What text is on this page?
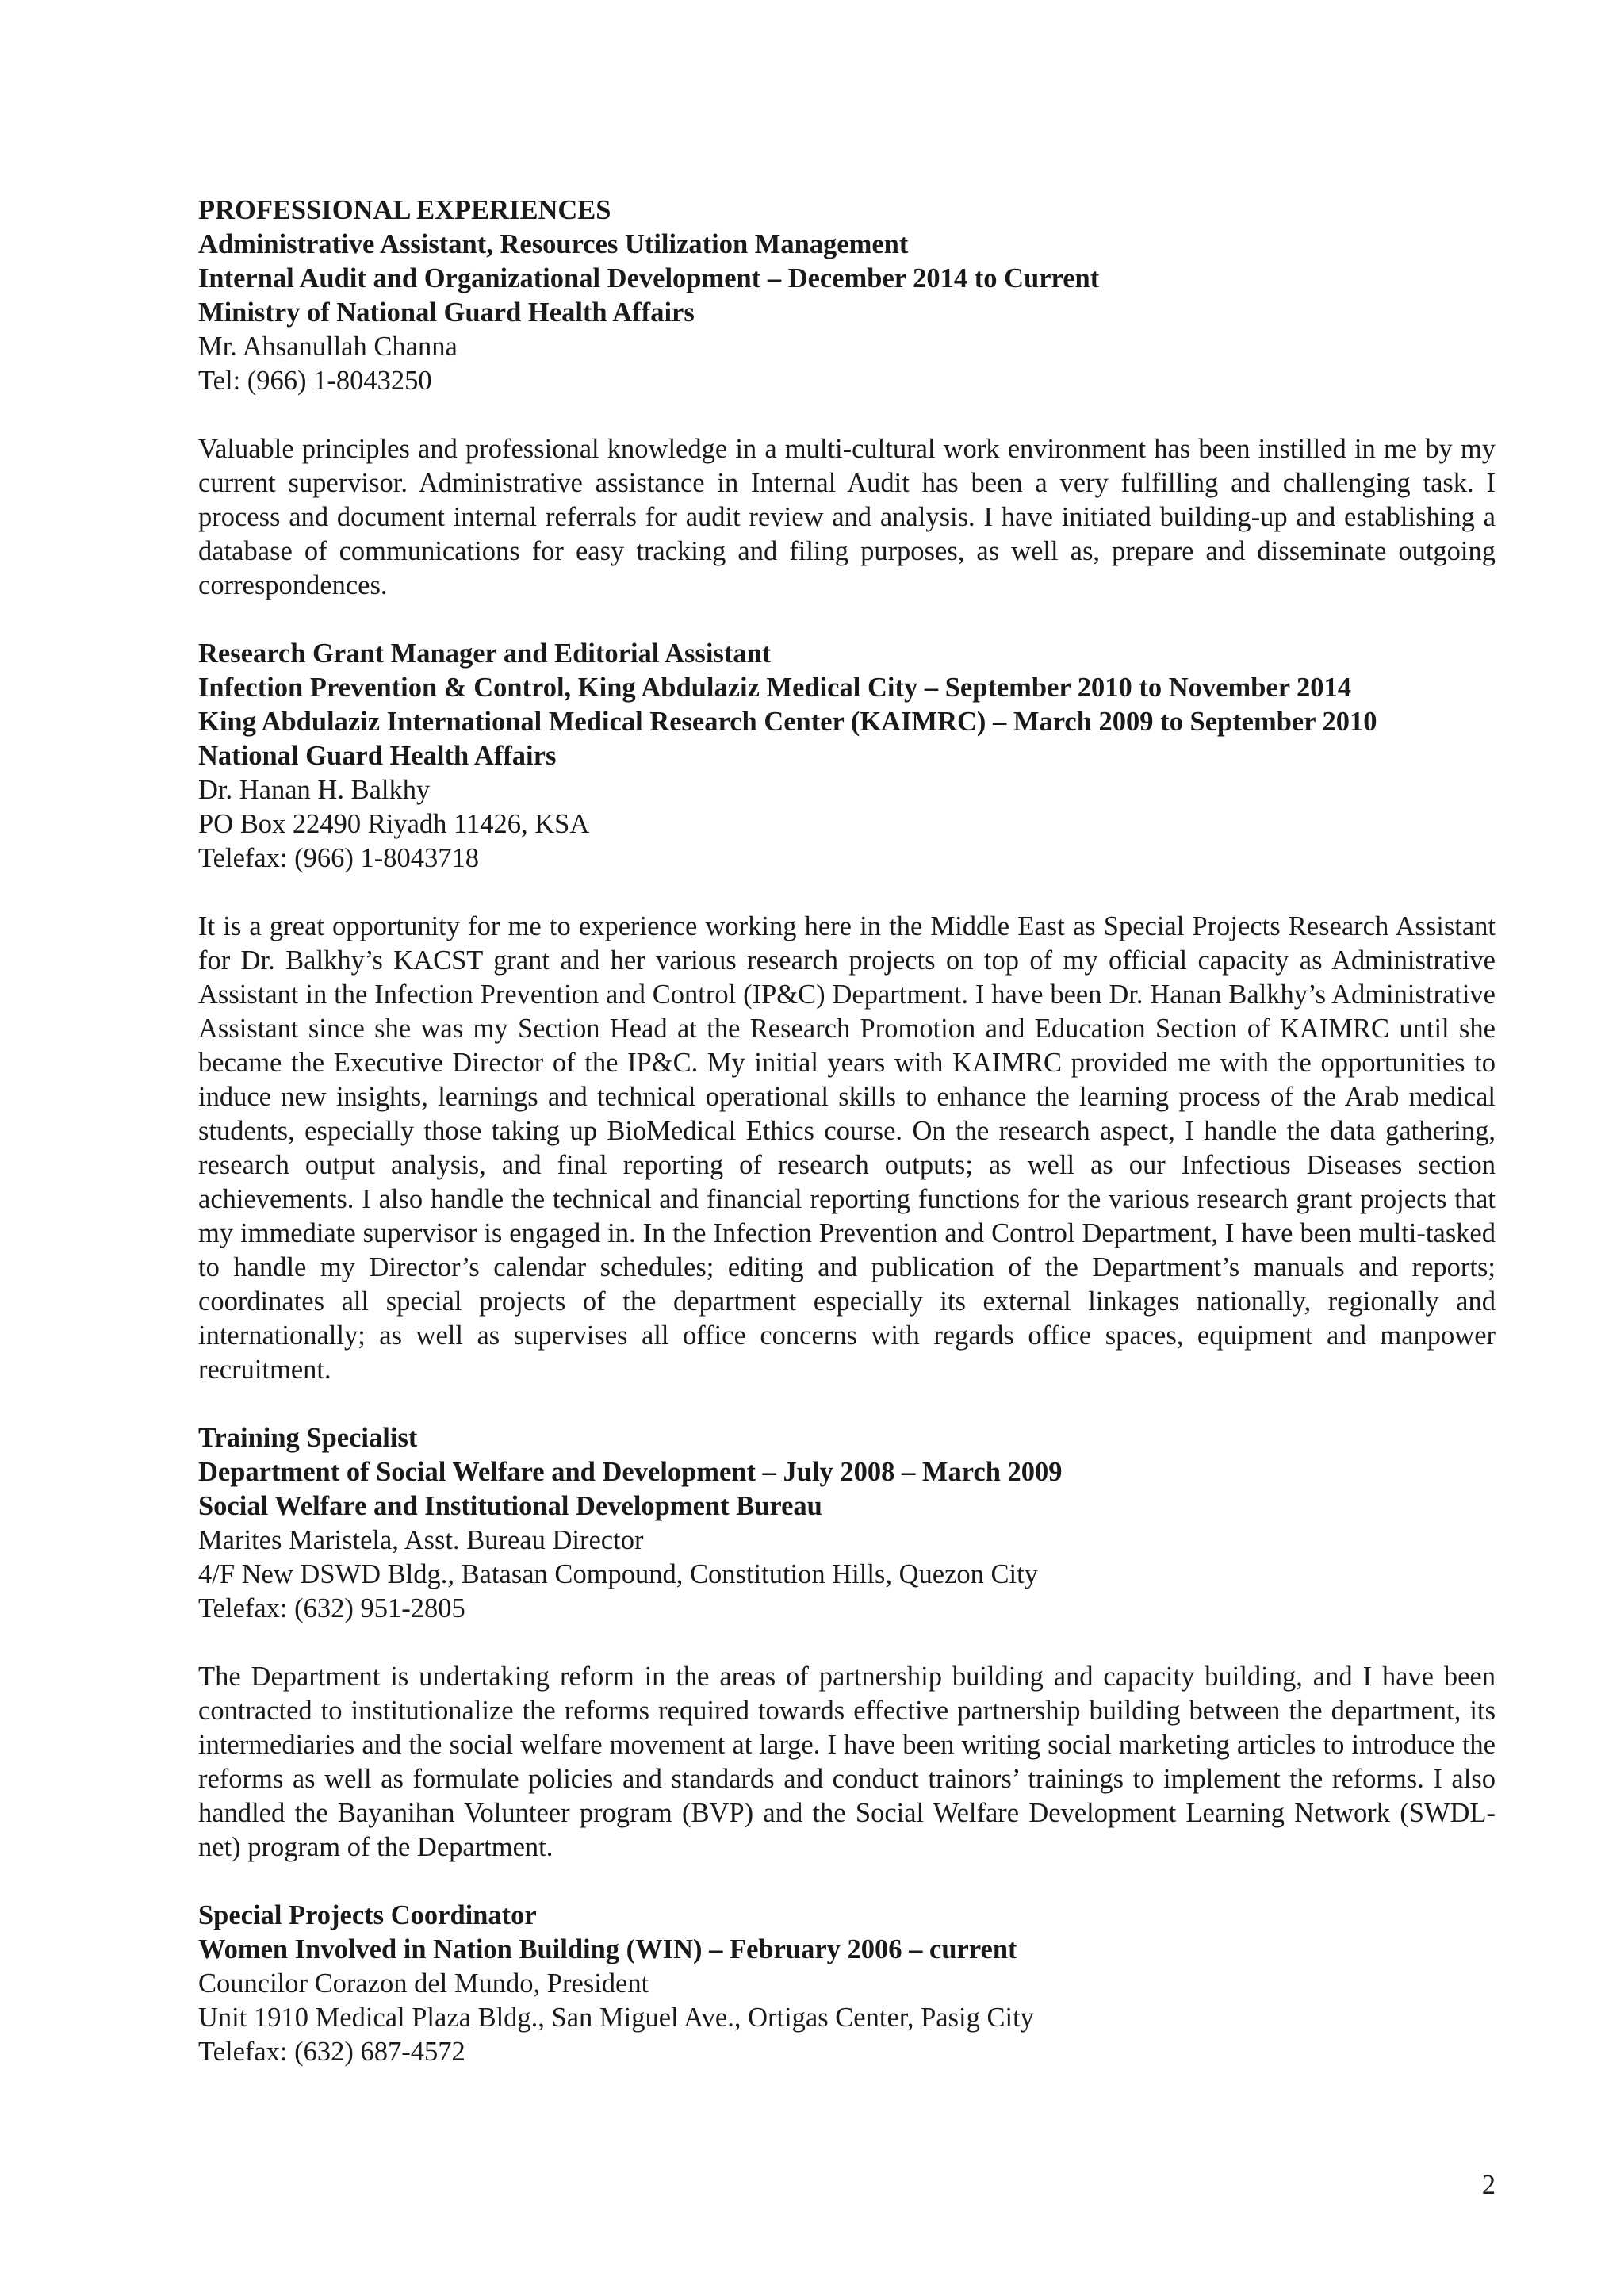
PROFESSIONAL EXPERIENCES
Administrative Assistant, Resources Utilization Management
Internal Audit and Organizational Development – December 2014 to Current
Ministry of National Guard Health Affairs
Mr. Ahsanullah Channa
Tel: (966) 1-8043250

Valuable principles and professional knowledge in a multi-cultural work environment has been instilled in me by my current supervisor. Administrative assistance in Internal Audit has been a very fulfilling and challenging task. I process and document internal referrals for audit review and analysis. I have initiated building-up and establishing a database of communications for easy tracking and filing purposes, as well as, prepare and disseminate outgoing correspondences.

Research Grant Manager and Editorial Assistant
Infection Prevention & Control, King Abdulaziz Medical City – September 2010 to November 2014
King Abdulaziz International Medical Research Center (KAIMRC) – March 2009 to September 2010
National Guard Health Affairs
Dr. Hanan H. Balkhy
PO Box 22490 Riyadh 11426, KSA
Telefax: (966) 1-8043718

It is a great opportunity for me to experience working here in the Middle East as Special Projects Research Assistant for Dr. Balkhy’s KACST grant and her various research projects on top of my official capacity as Administrative Assistant in the Infection Prevention and Control (IP&C) Department. I have been Dr. Hanan Balkhy’s Administrative Assistant since she was my Section Head at the Research Promotion and Education Section of KAIMRC until she became the Executive Director of the IP&C. My initial years with KAIMRC provided me with the opportunities to induce new insights, learnings and technical operational skills to enhance the learning process of the Arab medical students, especially those taking up BioMedical Ethics course. On the research aspect, I handle the data gathering, research output analysis, and final reporting of research outputs; as well as our Infectious Diseases section achievements. I also handle the technical and financial reporting functions for the various research grant projects that my immediate supervisor is engaged in. In the Infection Prevention and Control Department, I have been multi-tasked to handle my Director’s calendar schedules; editing and publication of the Department’s manuals and reports; coordinates all special projects of the department especially its external linkages nationally, regionally and internationally; as well as supervises all office concerns with regards office spaces, equipment and manpower recruitment.

Training Specialist
Department of Social Welfare and Development – July 2008 – March 2009
Social Welfare and Institutional Development Bureau
Marites Maristela, Asst. Bureau Director
4/F New DSWD Bldg., Batasan Compound, Constitution Hills, Quezon City
Telefax: (632) 951-2805

The Department is undertaking reform in the areas of partnership building and capacity building, and I have been contracted to institutionalize the reforms required towards effective partnership building between the department, its intermediaries and the social welfare movement at large. I have been writing social marketing articles to introduce the reforms as well as formulate policies and standards and conduct trainors’ trainings to implement the reforms. I also handled the Bayanihan Volunteer program (BVP) and the Social Welfare Development Learning Network (SWDL-net) program of the Department.

Special Projects Coordinator
Women Involved in Nation Building (WIN) – February 2006 – current
Councilor Corazon del Mundo, President
Unit 1910 Medical Plaza Bldg., San Miguel Ave., Ortigas Center, Pasig City
Telefax: (632) 687-4572
2
